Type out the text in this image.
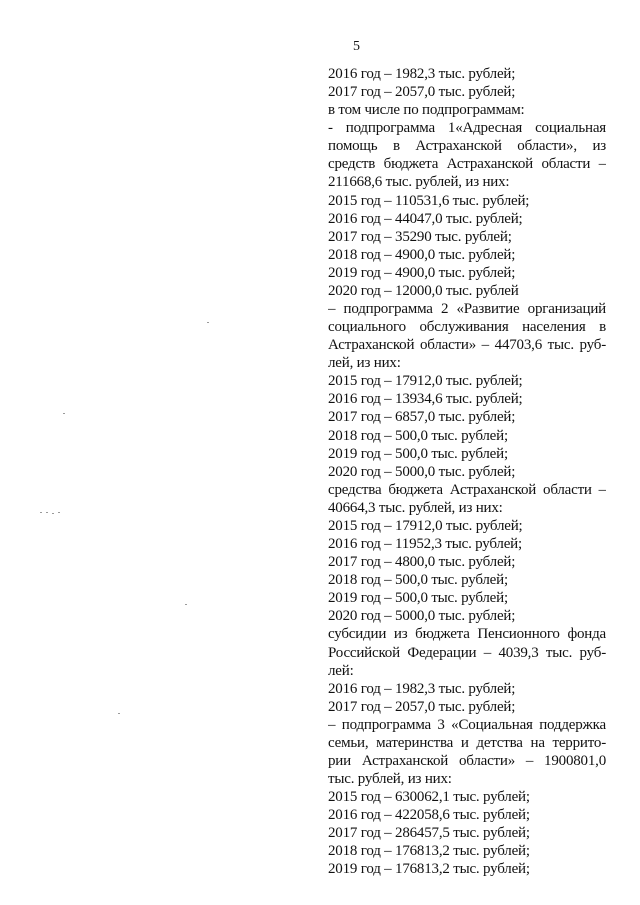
5
2016 год – 1982,3 тыс. рублей;
2017 год – 2057,0 тыс. рублей;
в том числе по подпрограммам:
- подпрограмма 1«Адресная социальная
помощь в Астраханской области», из
средств бюджета Астраханской области –
211668,6 тыс. рублей, из них:
2015 год – 110531,6 тыс. рублей;
2016 год – 44047,0 тыс. рублей;
2017 год – 35290 тыс. рублей;
2018 год – 4900,0 тыс. рублей;
2019 год – 4900,0 тыс. рублей;
2020 год – 12000,0 тыс. рублей
– подпрограмма 2 «Развитие организаций
социального обслуживания населения в
Астраханской области» – 44703,6 тыс. руб-
лей, из них:
2015 год – 17912,0 тыс. рублей;
2016 год – 13934,6 тыс. рублей;
2017 год – 6857,0 тыс. рублей;
2018 год – 500,0 тыс. рублей;
2019 год – 500,0 тыс. рублей;
2020 год – 5000,0 тыс. рублей;
средства бюджета Астраханской области –
40664,3 тыс. рублей, из них:
2015 год – 17912,0 тыс. рублей;
2016 год – 11952,3 тыс. рублей;
2017 год – 4800,0 тыс. рублей;
2018 год – 500,0 тыс. рублей;
2019 год – 500,0 тыс. рублей;
2020 год – 5000,0 тыс. рублей;
субсидии из бюджета Пенсионного фонда
Российской Федерации – 4039,3 тыс. руб-
лей:
2016 год – 1982,3 тыс. рублей;
2017 год – 2057,0 тыс. рублей;
– подпрограмма 3 «Социальная поддержка
семьи, материнства и детства на террито-
рии Астраханской области» – 1900801,0
тыс. рублей, из них:
2015 год – 630062,1 тыс. рублей;
2016 год – 422058,6 тыс. рублей;
2017 год – 286457,5 тыс. рублей;
2018 год – 176813,2 тыс. рублей;
2019 год – 176813,2 тыс. рублей;
